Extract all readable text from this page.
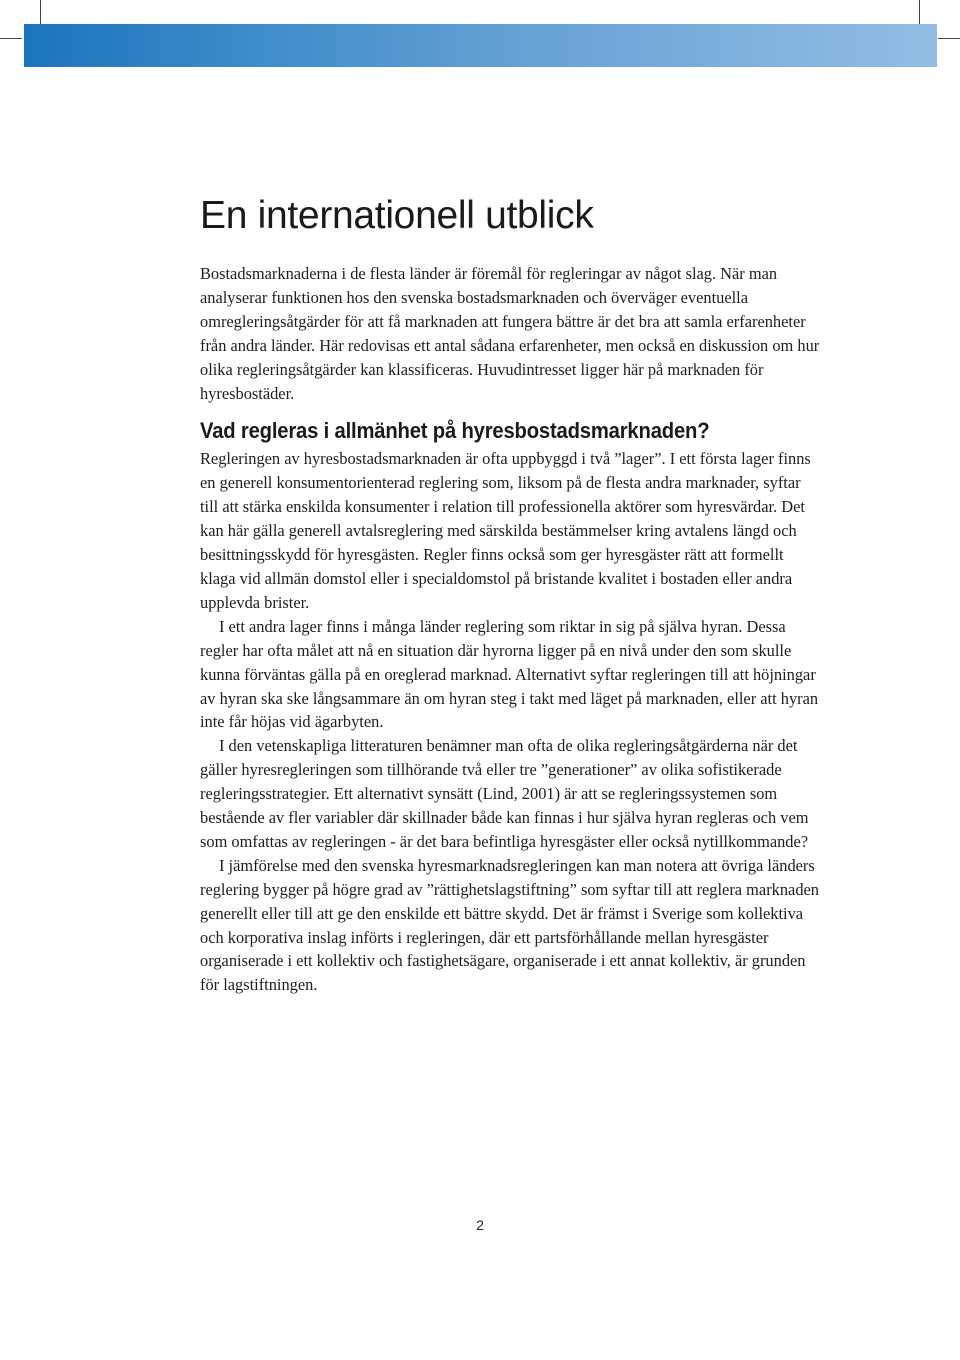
En internationell utblick

Bostadsmarknaderna i de flesta länder är föremål för regleringar av något slag. När man analyserar funktionen hos den svenska bostadsmarknaden och överväger eventuella omregleringsåtgärder för att få marknaden att fungera bättre är det bra att samla erfarenheter från andra länder. Här redovisas ett antal sådana erfarenheter, men också en diskussion om hur olika regleringsåtgärder kan klassificeras. Huvudintresset ligger här på marknaden för hyresbostäder.

Vad regleras i allmänhet på hyresbostadsmarknaden?

Regleringen av hyresbostadsmarknaden är ofta uppbyggd i två ”lager”. I ett första lager finns en generell konsumentorienterad reglering som, liksom på de flesta andra marknader, syftar till att stärka enskilda konsumenter i relation till professionella aktörer som hyresvärdar. Det kan här gälla generell avtalsreglering med särskilda bestämmelser kring avtalens längd och besittningsskydd för hyresgästen. Regler finns också som ger hyresgäster rätt att formellt klaga vid allmän domstol eller i specialdomstol på bristande kvalitet i bostaden eller andra upplevda brister.

I ett andra lager finns i många länder reglering som riktar in sig på själva hyran. Dessa regler har ofta målet att nå en situation där hyrorna ligger på en nivå under den som skulle kunna förväntas gälla på en oreglerad marknad. Alternativt syftar regleringen till att höjningar av hyran ska ske långsammare än om hyran steg i takt med läget på marknaden, eller att hyran inte får höjas vid ägarbyten.

I den vetenskapliga litteraturen benämner man ofta de olika regleringsåtgärderna när det gäller hyresregleringen som tillhörande två eller tre ”generationer” av olika sofistikerade regleringsstrategier. Ett alternativt synsätt (Lind, 2001) är att se regleringssystemen som bestående av fler variabler där skillnader både kan finnas i hur själva hyran regleras och vem som omfattas av regleringen - är det bara befintliga hyresgäster eller också nytillkommande?

I jämförelse med den svenska hyresmarknadsregleringen kan man notera att övriga länders reglering bygger på högre grad av ”rättighetslagstiftning” som syftar till att reglera marknaden generellt eller till att ge den enskilde ett bättre skydd. Det är främst i Sverige som kollektiva och korporativa inslag införts i regleringen, där ett partsförhållande mellan hyresgäster organiserade i ett kollektiv och fastighetsägare, organiserade i ett annat kollektiv, är grunden för lagstiftningen.

2
